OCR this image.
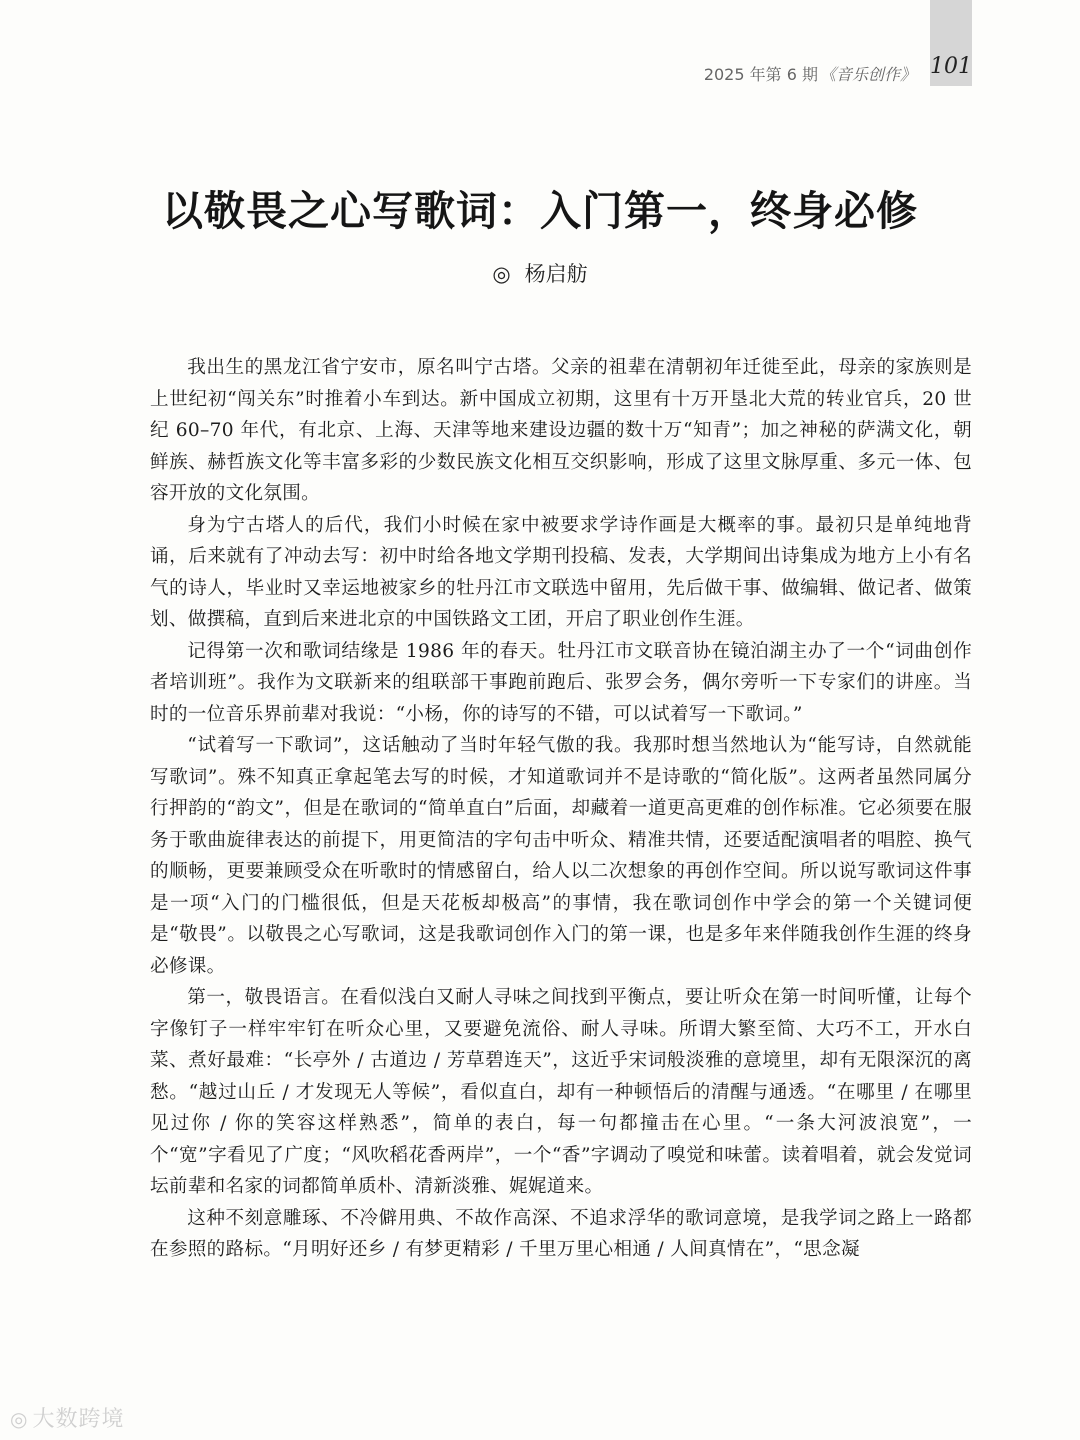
101
2025 年第 6 期 《音乐创作》
以敬畏之心写歌词：入门第一，终身必修
◎ 杨启舫

我出生的黑龙江省宁安市，原名叫宁古塔。父亲的祖辈在清朝初年迁徙至此，母亲的家族则是上世纪初“闯关东”时推着小车到达。新中国成立初期，这里有十万开垦北大荒的转业官兵，20 世纪 60–70 年代，有北京、上海、天津等地来建设边疆的数十万“知青”；加之神秘的萨满文化，朝鲜族、赫哲族文化等丰富多彩的少数民族文化相互交织影响，形成了这里文脉厚重、多元一体、包容开放的文化氛围。

身为宁古塔人的后代，我们小时候在家中被要求学诗作画是大概率的事。最初只是单纯地背诵，后来就有了冲动去写：初中时给各地文学期刊投稿、发表，大学期间出诗集成为地方上小有名气的诗人，毕业时又幸运地被家乡的牡丹江市文联选中留用，先后做干事、做编辑、做记者、做策划、做撰稿，直到后来进北京的中国铁路文工团，开启了职业创作生涯。

记得第一次和歌词结缘是 1986 年的春天。牡丹江市文联音协在镜泊湖主办了一个“词曲创作者培训班”。我作为文联新来的组联部干事跑前跑后、张罗会务，偶尔旁听一下专家们的讲座。当时的一位音乐界前辈对我说：“小杨，你的诗写的不错，可以试着写一下歌词。”

“试着写一下歌词”，这话触动了当时年轻气傲的我。我那时想当然地认为“能写诗，自然就能写歌词”。殊不知真正拿起笔去写的时候，才知道歌词并不是诗歌的“简化版”。这两者虽然同属分行押韵的“韵文”，但是在歌词的“简单直白”后面，却藏着一道更高更难的创作标准。它必须要在服务于歌曲旋律表达的前提下，用更简洁的字句击中听众、精准共情，还要适配演唱者的唱腔、换气的顺畅，更要兼顾受众在听歌时的情感留白，给人以二次想象的再创作空间。所以说写歌词这件事是一项“入门的门槛很低，但是天花板却极高”的事情，我在歌词创作中学会的第一个关键词便是“敬畏”。以敬畏之心写歌词，这是我歌词创作入门的第一课，也是多年来伴随我创作生涯的终身必修课。

第一，敬畏语言。在看似浅白又耐人寻味之间找到平衡点，要让听众在第一时间听懂，让每个字像钉子一样牢牢钉在听众心里，又要避免流俗、耐人寻味。所谓大繁至简、大巧不工，开水白菜、煮好最难：“长亭外 / 古道边 / 芳草碧连天”，这近乎宋词般淡雅的意境里，却有无限深沉的离愁。“越过山丘 / 才发现无人等候”，看似直白，却有一种顿悟后的清醒与通透。“在哪里 / 在哪里见过你 / 你的笑容这样熟悉”，简单的表白，每一句都撞击在心里。“一条大河波浪宽”，一个“宽”字看见了广度；“风吹稻花香两岸”，一个“香”字调动了嗅觉和味蕾。读着唱着，就会发觉词坛前辈和名家的词都简单质朴、清新淡雅、娓娓道来。

这种不刻意雕琢、不冷僻用典、不故作高深、不追求浮华的歌词意境，是我学词之路上一路都在参照的路标。“月明好还乡 / 有梦更精彩 / 千里万里心相通 / 人间真情在”，“思念凝

◎ 大数跨境
